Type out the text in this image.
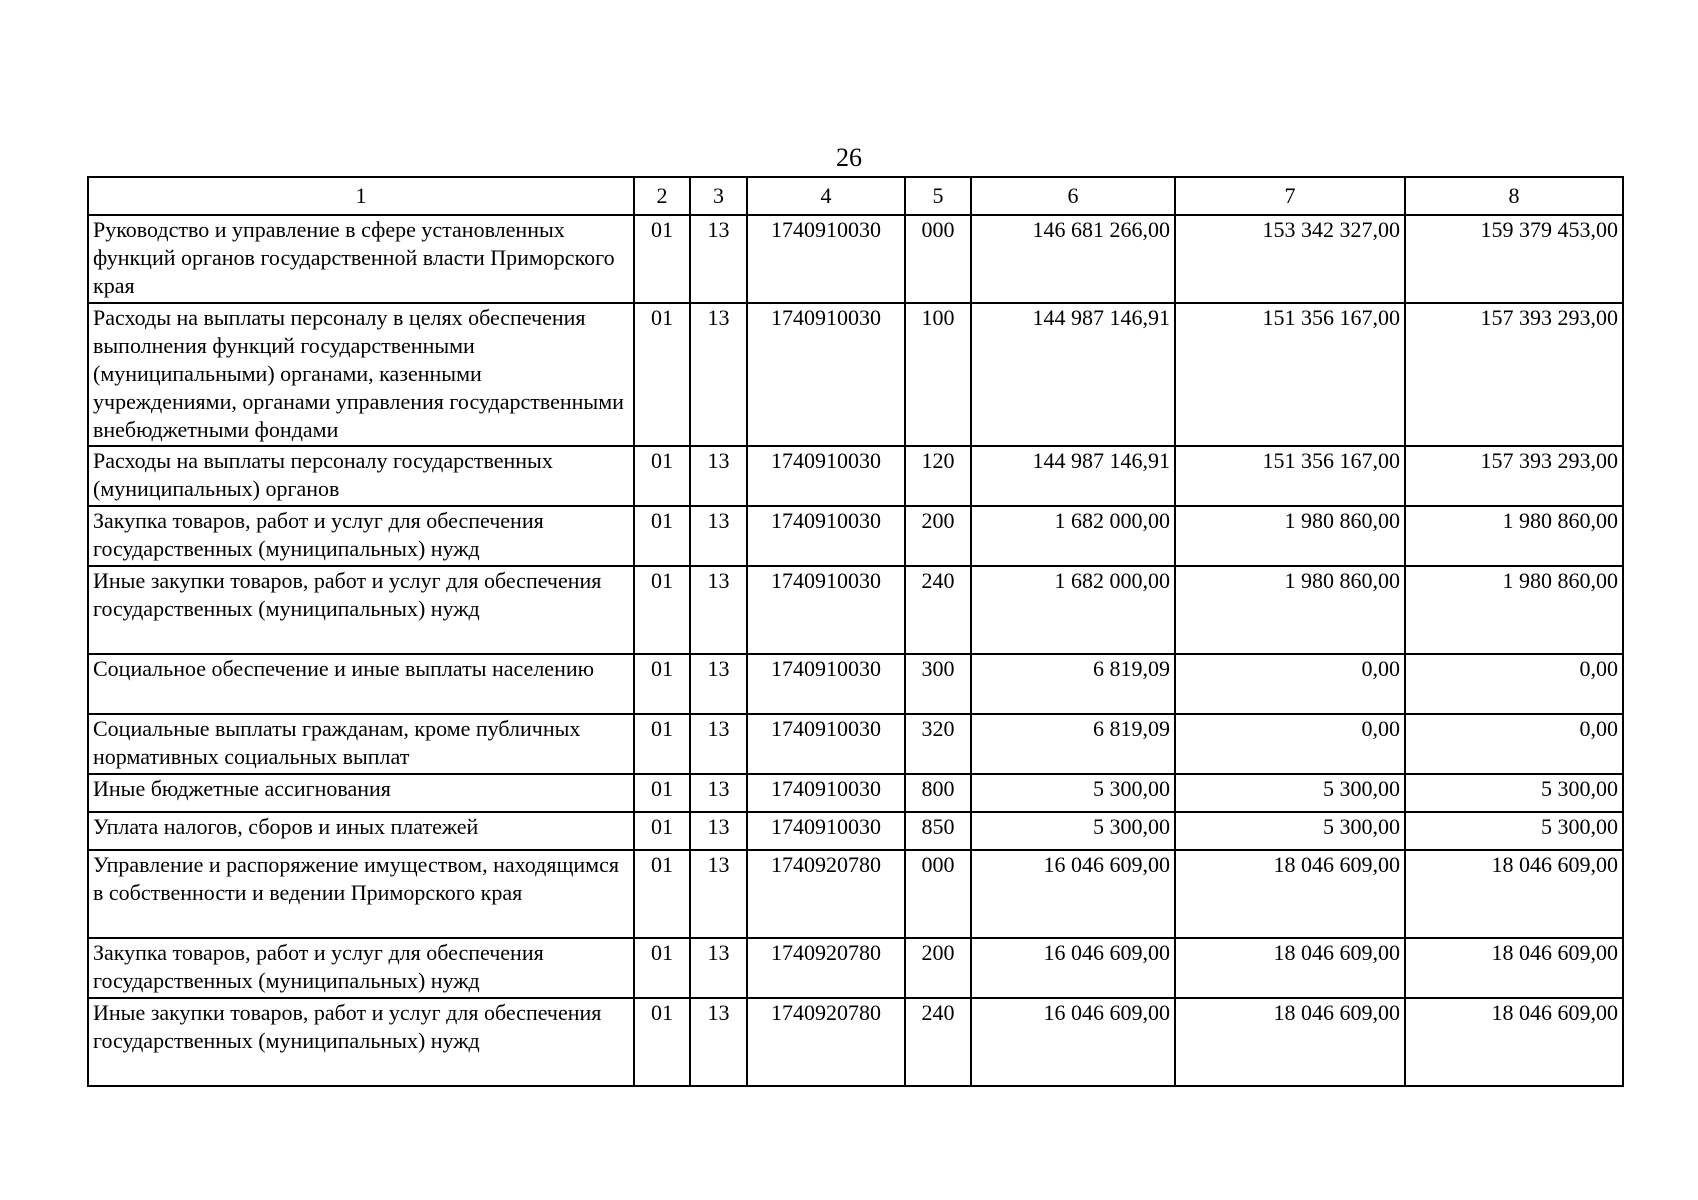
26
1	2	3	4	5	6	7	8
Руководство и управление в сфере установленных функций органов государственной власти Приморского края	01	13	1740910030	000	146 681 266,00	153 342 327,00	159 379 453,00
Расходы на выплаты персоналу в целях обеспечения выполнения функций государственными (муниципальными) органами, казенными учреждениями, органами управления государственными внебюджетными фондами	01	13	1740910030	100	144 987 146,91	151 356 167,00	157 393 293,00
Расходы на выплаты персоналу государственных (муниципальных) органов	01	13	1740910030	120	144 987 146,91	151 356 167,00	157 393 293,00
Закупка товаров, работ и услуг для обеспечения государственных (муниципальных) нужд	01	13	1740910030	200	1 682 000,00	1 980 860,00	1 980 860,00
Иные закупки товаров, работ и услуг для обеспечения государственных (муниципальных) нужд	01	13	1740910030	240	1 682 000,00	1 980 860,00	1 980 860,00
Социальное обеспечение и иные выплаты населению	01	13	1740910030	300	6 819,09	0,00	0,00
Социальные выплаты гражданам, кроме публичных нормативных социальных выплат	01	13	1740910030	320	6 819,09	0,00	0,00
Иные бюджетные ассигнования	01	13	1740910030	800	5 300,00	5 300,00	5 300,00
Уплата налогов, сборов и иных платежей	01	13	1740910030	850	5 300,00	5 300,00	5 300,00
Управление и распоряжение имуществом, находящимся в собственности и ведении Приморского края	01	13	1740920780	000	16 046 609,00	18 046 609,00	18 046 609,00
Закупка товаров, работ и услуг для обеспечения государственных (муниципальных) нужд	01	13	1740920780	200	16 046 609,00	18 046 609,00	18 046 609,00
Иные закупки товаров, работ и услуг для обеспечения государственных (муниципальных) нужд	01	13	1740920780	240	16 046 609,00	18 046 609,00	18 046 609,00
